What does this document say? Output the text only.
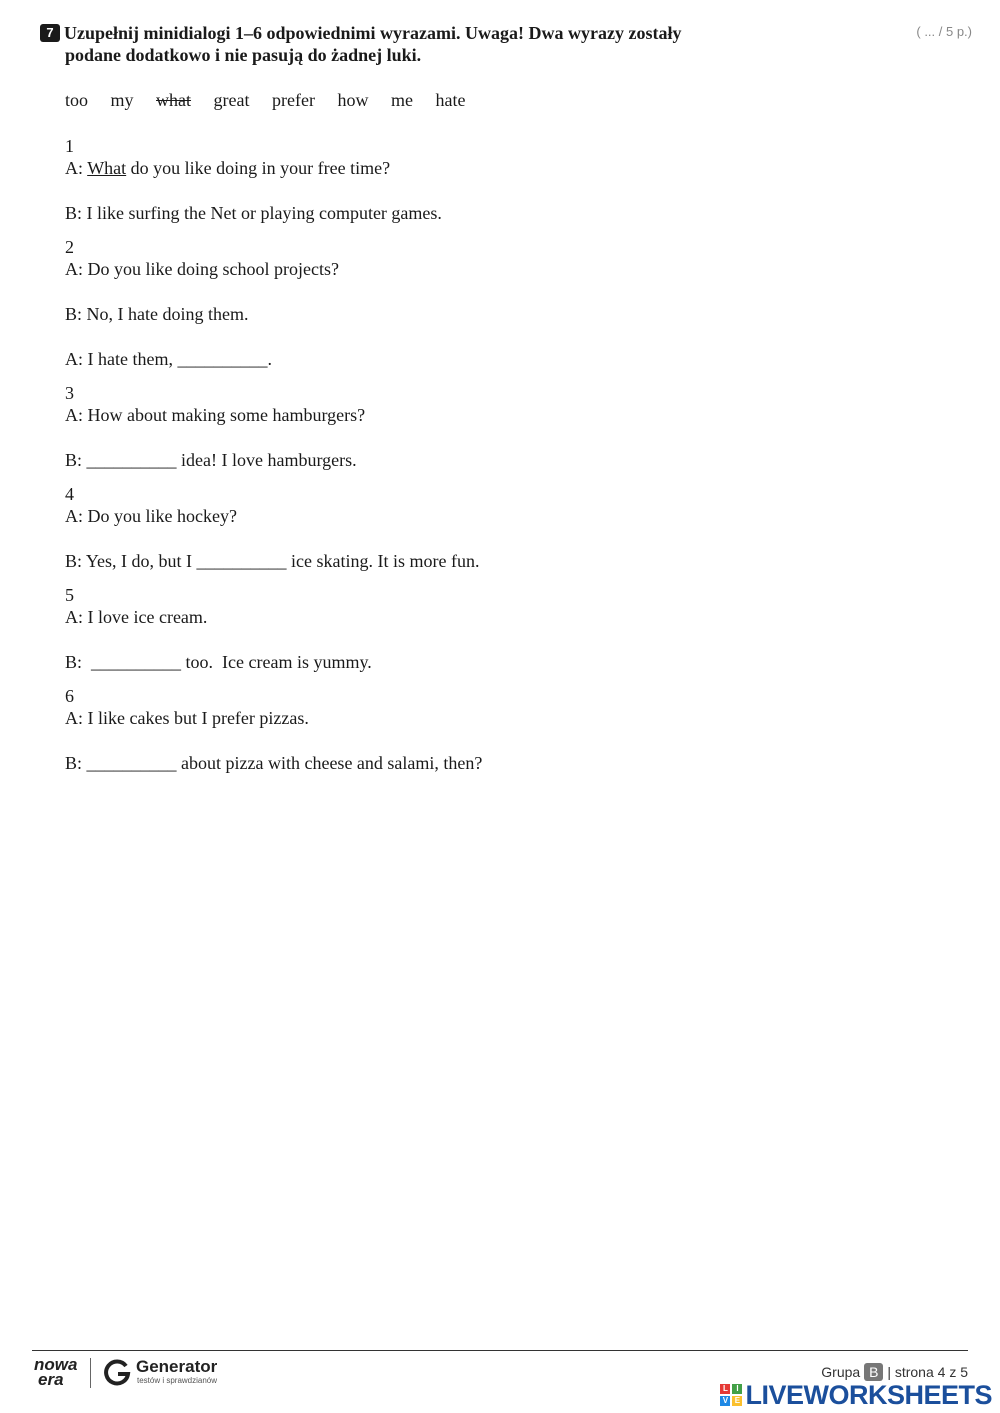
7 Uzupełnij minidialogi 1–6 odpowiednimi wyrazami. Uwaga! Dwa wyrazy zostały
podane dodatkowo i nie pasują do żadnej luki.
( ... / 5 p.)
too my what great prefer how me hate
1
A: What do you like doing in your free time?
B: I like surfing the Net or playing computer games.
2
A: Do you like doing school projects?
B: No, I hate doing them.
A: I hate them, __________.
3
A: How about making some hamburgers?
B: __________ idea! I love hamburgers.
4
A: Do you like hockey?
B: Yes, I do, but I __________ ice skating. It is more fun.
5
A: I love ice cream.
B:  __________ too.  Ice cream is yummy.
6
A: I like cakes but I prefer pizzas.
B: __________ about pizza with cheese and salami, then?
nowa
era
Generator
testów i sprawdzianów
Grupa B | strona 4 z 5
L	I
V E LIVEWORKSHEETS
